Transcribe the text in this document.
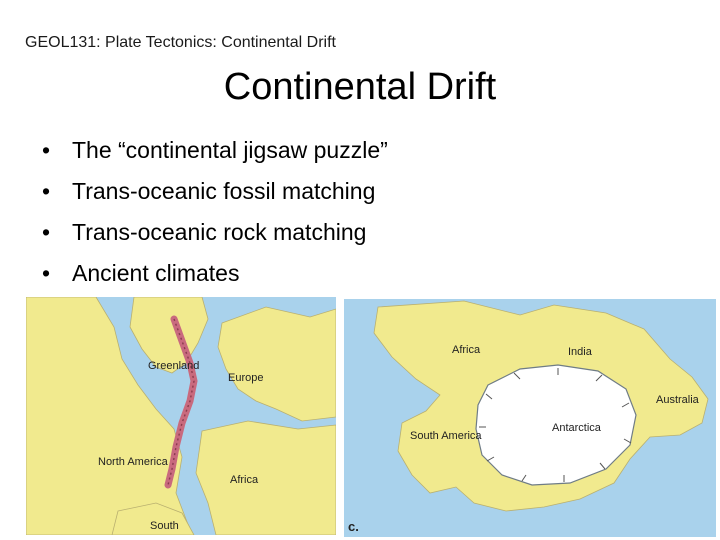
GEOL131: Plate Tectonics: Continental Drift
Continental Drift
• The “continental jigsaw puzzle”
• Trans-oceanic fossil matching
• Trans-oceanic rock matching
• Ancient climates
Greenland
Europe
North America
Africa
South
Africa	India
Australia
South America
Antarctica
c.
